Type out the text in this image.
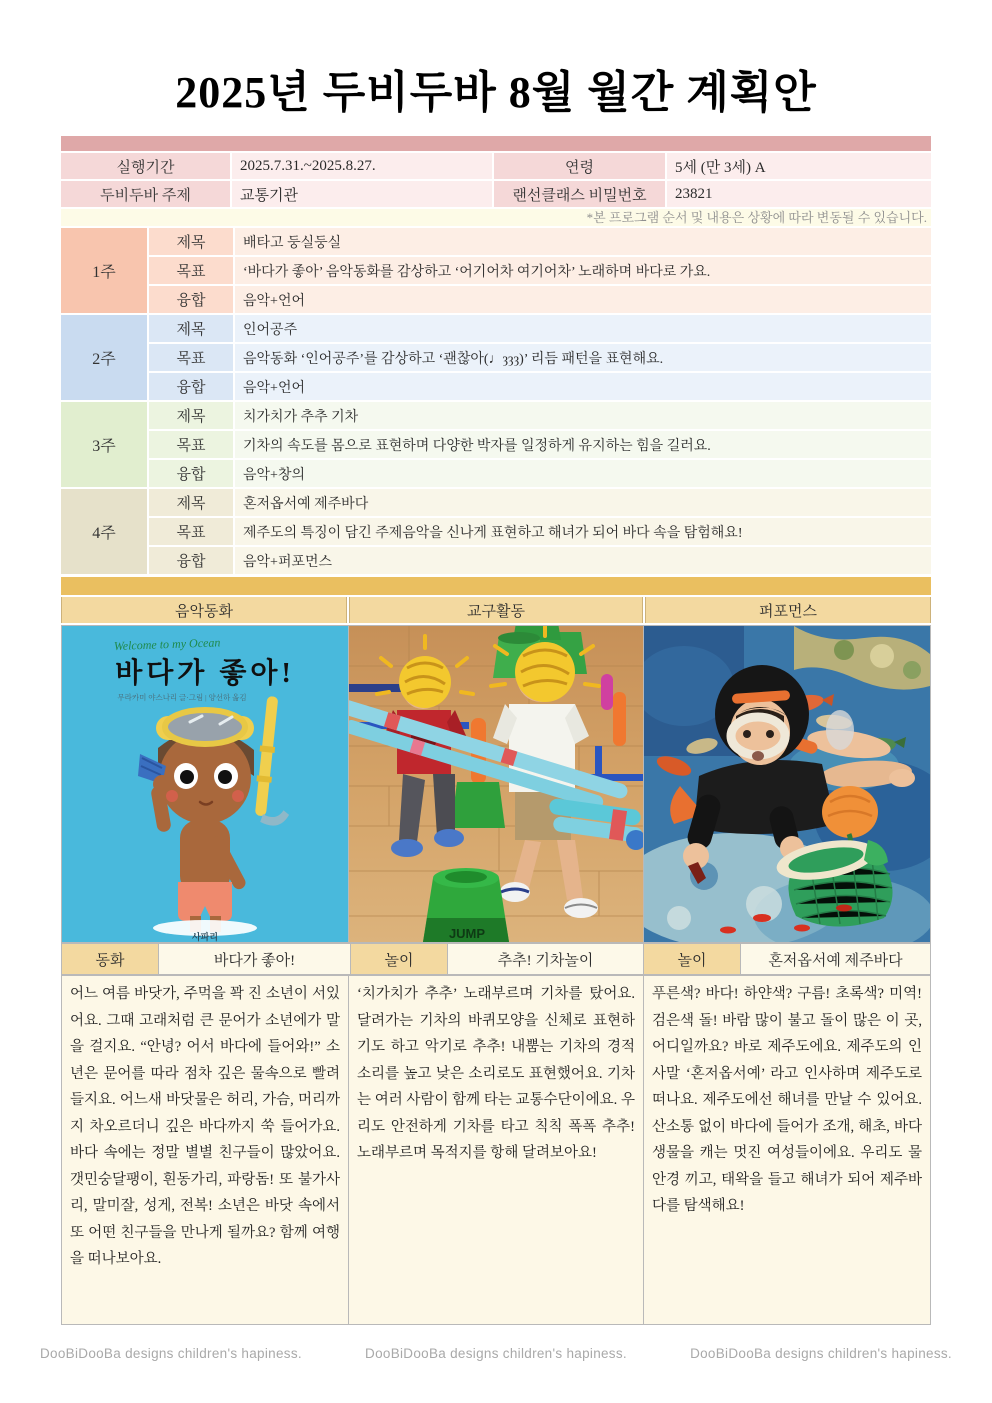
2025년 두비두바 8월 월간 계획안
실행기간	2025.7.31.~2025.8.27.	연령	5세 (만 3세) A
두비두바 주제	교통기관	랜선클래스 비밀번호	23821
*본 프로그램 순서 및 내용은 상황에 따라 변동될 수 있습니다.
1주
제목	배타고 둥실둥실
목표	‘바다가 좋아’ 음악동화를 감상하고 ‘어기어차 여기어차’ 노래하며 바다로 가요.
융합	음악+언어
2주
제목	인어공주
목표	음악동화 ‘인어공주’를 감상하고 ‘괜찮아(♩ȝȝȝ)’ 리듬 패턴을 표현해요.
융합	음악+언어
3주
제목	치가치가 추추 기차
목표	기차의 속도를 몸으로 표현하며 다양한 박자를 일정하게 유지하는 힘을 길러요.
융합	음악+창의
4주
제목	혼저옵서예 제주바다
목표	제주도의 특징이 담긴 주제음악을 신나게 표현하고 해녀가 되어 바다 속을 탐험해요!
융합	음악+퍼포먼스
음악동화	교구활동	퍼포먼스
Welcome to my Ocean
바다가 좋아!
무라카미 야스나리 글·그림 | 양선하 옮김
사파리	JUMP
동화	바다가 좋아!	놀이	추추! 기차놀이	놀이	혼저옵서예 제주바다
어느 여름 바닷가, 주먹을 꽉 진 소년이 서있어요. 그때 고래처럼 큰 문어가 소년에가 말을 걸지요. “안녕? 어서 바다에 들어와!” 소년은 문어를 따라 점차 깊은 물속으로 빨려 들지요. 어느새 바닷물은 허리, 가슴, 머리까지 차오르더니 깊은 바다까지 쑥 들어가요. 바다 속에는 정말 별별 친구들이 많았어요. 갯민숭달팽이, 흰동가리, 파랑돔! 또 불가사리, 말미잘, 성게, 전복! 소년은 바닷 속에서 또 어떤 친구들을 만나게 될까요? 함께 여행을 떠나보아요.
‘치가치가 추추’ 노래부르며 기차를 탔어요. 달려가는 기차의 바퀴모양을 신체로 표현하기도 하고 악기로 추추! 내뿜는 기차의 경적소리를 높고 낮은 소리로도 표현했어요. 기차는 여러 사람이 함께 타는 교통수단이에요. 우리도 안전하게 기차를 타고 칙칙 폭폭 추추! 노래부르며 목적지를 항해 달려보아요!
푸른색? 바다! 하얀색? 구름! 초록색? 미역! 검은색 돌! 바람 많이 불고 돌이 많은 이 곳, 어디일까요? 바로 제주도에요. 제주도의 인사말 ‘혼저옵서예’ 라고 인사하며 제주도로 떠나요. 제주도에선 해녀를 만날 수 있어요. 산소통 없이 바다에 들어가 조개, 해초, 바다 생물을 캐는 멋진 여성들이에요. 우리도 물안경 끼고, 태왁을 들고 해녀가 되어 제주바다를 탐색해요!
DooBiDooBa designs children's hapiness.	DooBiDooBa designs children's hapiness.	DooBiDooBa designs children's hapiness.
